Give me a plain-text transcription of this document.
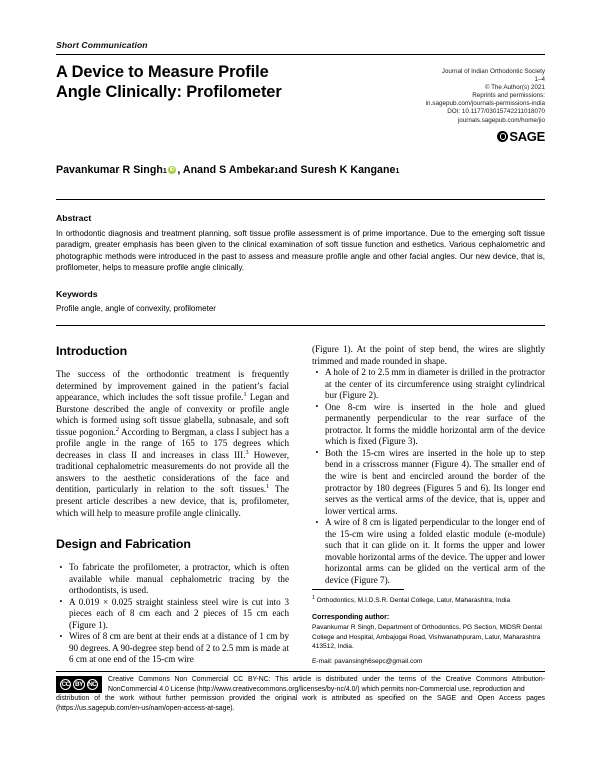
Short Communication
A Device to Measure Profile
Angle Clinically: Profilometer
Journal of Indian Orthodontic Society
1–4
© The Author(s) 2021
Reprints and permissions:
in.sagepub.com/journals-permissions-india
DOI: 10.1177/03015742211018070
journals.sagepub.com/home/jio
SAGE
Pavankumar R Singh 1 iD , Anand S Ambekar 1 and Suresh K Kangane 1
Abstract
In orthodontic diagnosis and treatment planning, soft tissue profile assessment is of prime importance. Due to the emerging soft tissue paradigm, greater emphasis has been given to the clinical examination of soft tissue function and esthetics. Various cephalometric and photographic methods were introduced in the past to assess and measure profile angle and other facial angles. Our new device, that is, profilometer, helps to measure profile angle clinically.
Keywords
Profile angle, angle of convexity, profilometer
Introduction

The success of the orthodontic treatment is frequently determined by improvement gained in the patient’s facial appearance, which includes the soft tissue profile.$^1$ Legan and Burstone described the angle of convexity or profile angle which is formed using soft tissue glabella, subnasale, and soft tissue pogonion.$^2$ According to Bergman, a class I subject has a profile angle in the range of 165 to 175 degrees which decreases in class II and increases in class III.$^3$ However, traditional cephalometric measurements do not provide all the answers to the aesthetic considerations of the face and dentition, particularly in relation to the soft tissues.$^1$ The present article describes a new device, that is, profilometer, which will help to measure profile angle clinically.

Design and Fabrication
• To fabricate the profilometer, a protractor, which is often available while manual cephalometric tracing by the orthodontists, is used.
• A 0.019 × 0.025 straight stainless steel wire is cut into 3 pieces each of 8 cm each and 2 pieces of 15 cm each (Figure 1).
• Wires of 8 cm are bent at their ends at a distance of 1 cm by 90 degrees. A 90-degree step bend of 2 to 2.5 mm is made at 6 cm at one end of the 15-cm wire

(Figure 1). At the point of step bend, the wires are slightly trimmed and made rounded in shape.

• A hole of 2 to 2.5 mm in diameter is drilled in the protractor at the center of its circumference using straight cylindrical bur (Figure 2).
• One 8-cm wire is inserted in the hole and glued permanently perpendicular to the rear surface of the protractor. It forms the middle horizontal arm of the device which is fixed (Figure 3).
• Both the 15-cm wires are inserted in the hole up to step bend in a crisscross manner (Figure 4). The smaller end of the wire is bent and encircled around the border of the protractor by 180 degrees (Figures 5 and 6). Its longer end serves as the vertical arms of the device, that is, upper and lower vertical arms.
• A wire of 8 cm is ligated perpendicular to the longer end of the 15-cm wire using a folded elastic module (e-module) such that it can glide on it. It forms the upper and lower movable horizontal arms of the device. The upper and lower horizontal arms can be glided on the vertical arm of the device (Figure 7).
$^1$ Orthodontics, M.I.D.S.R. Dental College, Latur, Maharashtra, India
Corresponding author:
Pavankumar R Singh, Department of Orthodontics, PG Section, MIDSR Dental College and Hospital, Ambajogai Road, Vishwanathpuram, Latur, Maharashtra 413512, India.
E-mail: pavansingh6sepc@gmail.com
CC BY NC
Creative Commons Non Commercial CC BY-NC: This article is distributed under the terms of the Creative Commons Attribution-NonCommercial 4.0 License (http://www.creativecommons.org/licenses/by-nc/4.0/) which permits non-Commercial use, reproduction and
distribution of the work without further permission provided the original work is attributed as specified on the SAGE and Open Access pages (https://us.sagepub.com/en-us/nam/open-access-at-sage).
